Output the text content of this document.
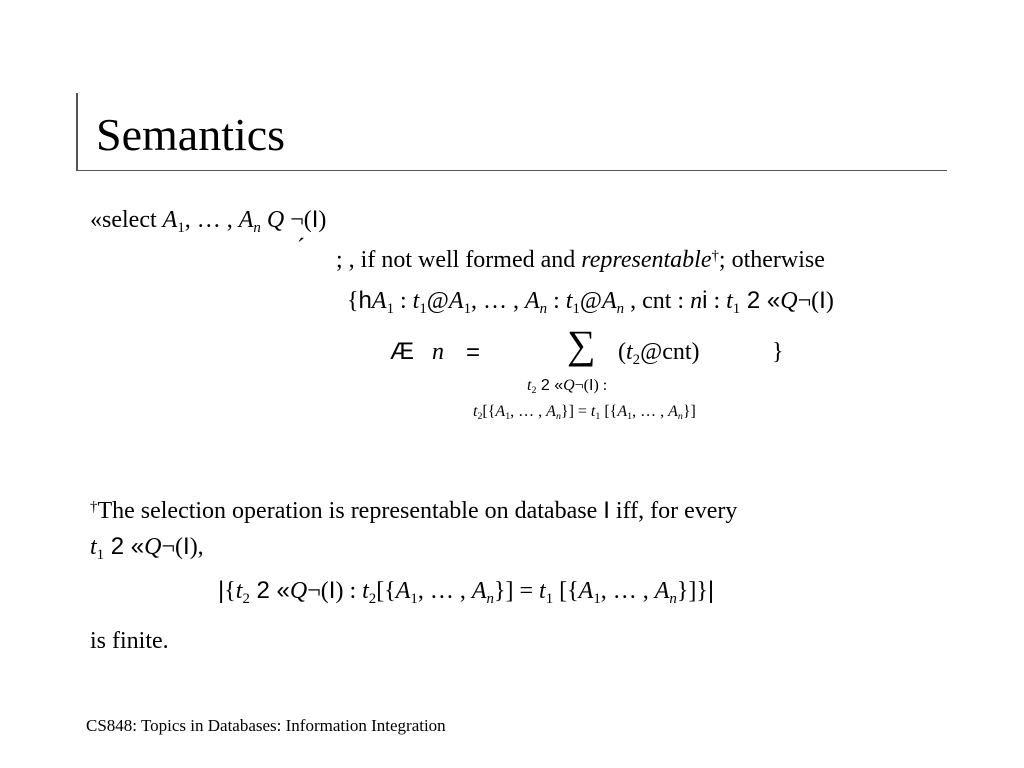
Semantics
«select $A_1$, … , $A_n$ Q ¬(I)
´ ; , if not well formed and representable†; otherwise
{$hA_1$ : $t_1@A_1$, … , $A_n$ : $t_1@A_n$ , cnt : ni : $t_1$ 2 «Q¬(I)
Æ n = ∑ $(t_2@cnt)$	}
$t_2$ 2 «Q¬(I) :
$t_2[\{A_1$, … , $A_n\}] = t_1$ [{$A_1$, … , $A_n$}]
†The selection operation is representable on database I iff, for every
$t_1$ 2 «Q¬(I),
$|\{t_2$ 2 «Q¬(I) : $t_2[\{A_1$, … , $A_n\}] = t_1$ [{$A_1$, … , $A_n\}]\}|$
is finite.
CS848: Topics in Databases: Information Integration
